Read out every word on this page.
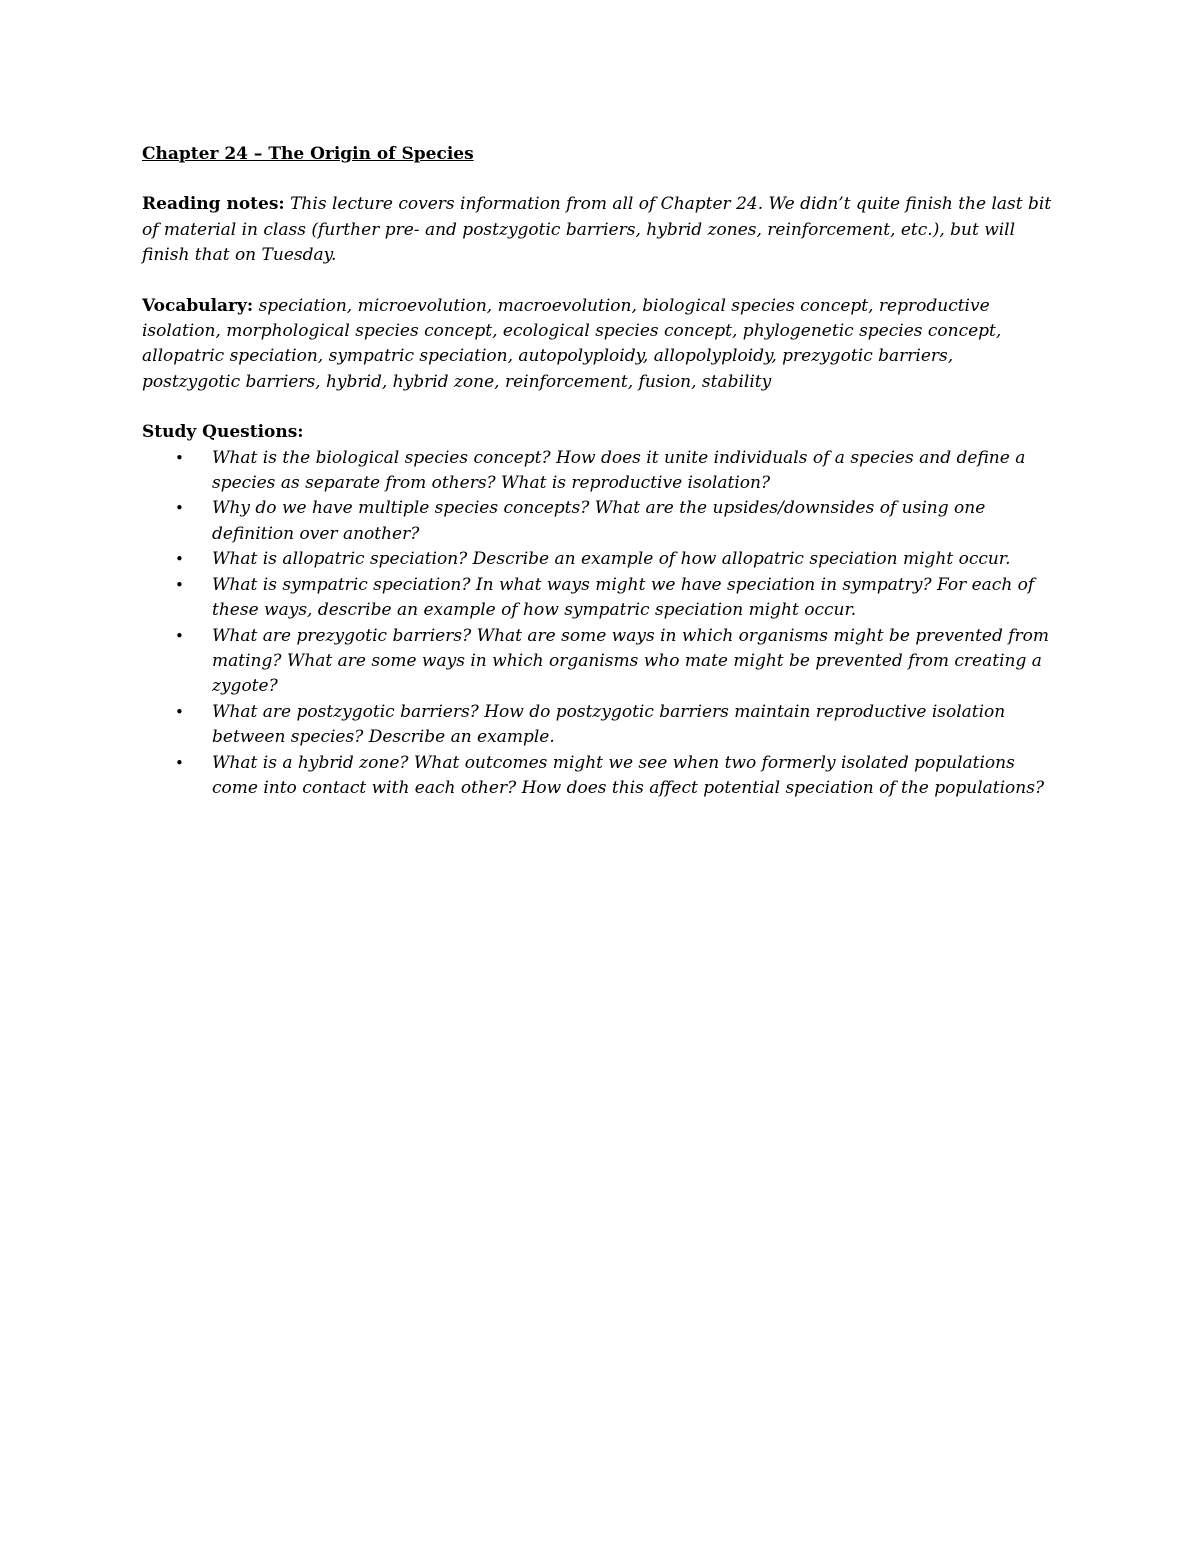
Chapter 24 – The Origin of Species

Reading notes: This lecture covers information from all of Chapter 24. We didn’t quite finish the last bit of material in class (further pre- and postzygotic barriers, hybrid zones, reinforcement, etc.), but will finish that on Tuesday.

Vocabulary: speciation, microevolution, macroevolution, biological species concept, reproductive isolation, morphological species concept, ecological species concept, phylogenetic species concept, allopatric speciation, sympatric speciation, autopolyploidy, allopolyploidy, prezygotic barriers, postzygotic barriers, hybrid, hybrid zone, reinforcement, fusion, stability

Study Questions:

• What is the biological species concept? How does it unite individuals of a species and define a species as separate from others? What is reproductive isolation?
• Why do we have multiple species concepts? What are the upsides/downsides of using one definition over another?
• What is allopatric speciation? Describe an example of how allopatric speciation might occur.
• What is sympatric speciation? In what ways might we have speciation in sympatry? For each of these ways, describe an example of how sympatric speciation might occur.
• What are prezygotic barriers? What are some ways in which organisms might be prevented from mating? What are some ways in which organisms who mate might be prevented from creating a zygote?
• What are postzygotic barriers? How do postzygotic barriers maintain reproductive isolation between species? Describe an example.
• What is a hybrid zone? What outcomes might we see when two formerly isolated populations come into contact with each other? How does this affect potential speciation of the populations?
